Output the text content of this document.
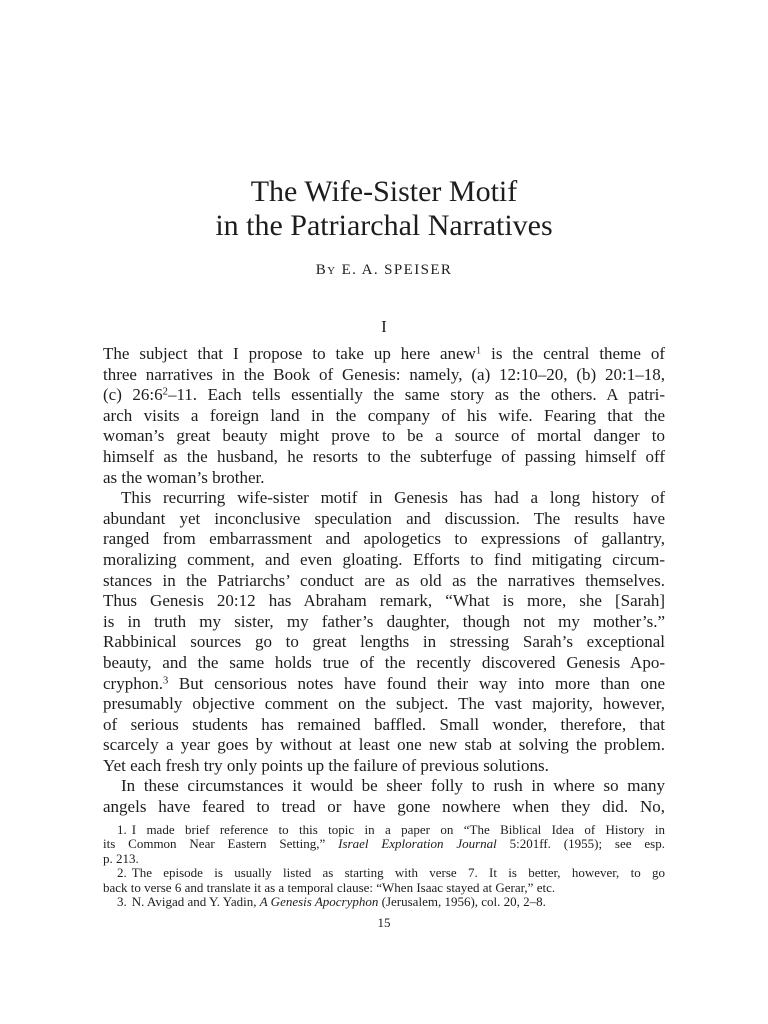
The Wife-Sister Motif
in the Patriarchal Narratives
By E. A. SPEISER
I
The subject that I propose to take up here anew$^1$ is the central theme of
three narratives in the Book of Genesis: namely, (a) 12:10–20, (b) 20:1–18,
(c) 26:6$^2$–11. Each tells essentially the same story as the others. A patri-
arch visits a foreign land in the company of his wife. Fearing that the
woman’s great beauty might prove to be a source of mortal danger to
himself as the husband, he resorts to the subterfuge of passing himself off
as the woman’s brother.
This recurring wife-sister motif in Genesis has had a long history of
abundant yet inconclusive speculation and discussion. The results have
ranged from embarrassment and apologetics to expressions of gallantry,
moralizing comment, and even gloating. Efforts to find mitigating circum-
stances in the Patriarchs’ conduct are as old as the narratives themselves.
Thus Genesis 20:12 has Abraham remark, “What is more, she [Sarah]
is in truth my sister, my father’s daughter, though not my mother’s.”
Rabbinical sources go to great lengths in stressing Sarah’s exceptional
beauty, and the same holds true of the recently discovered Genesis Apo-
cryphon.$^3$ But censorious notes have found their way into more than one
presumably objective comment on the subject. The vast majority, however,
of serious students has remained baffled. Small wonder, therefore, that
scarcely a year goes by without at least one new stab at solving the problem.
Yet each fresh try only points up the failure of previous solutions.
In these circumstances it would be sheer folly to rush in where so many
angels have feared to tread or have gone nowhere when they did. No,
1. I made brief reference to this topic in a paper on “The Biblical Idea of History in
its Common Near Eastern Setting,” Israel Exploration Journal 5:201ff. (1955); see esp.
p. 213.
2. The episode is usually listed as starting with verse 7. It is better, however, to go
back to verse 6 and translate it as a temporal clause: “When Isaac stayed at Gerar,” etc.
3. N. Avigad and Y. Yadin, A Genesis Apocryphon (Jerusalem, 1956), col. 20, 2–8.
15
